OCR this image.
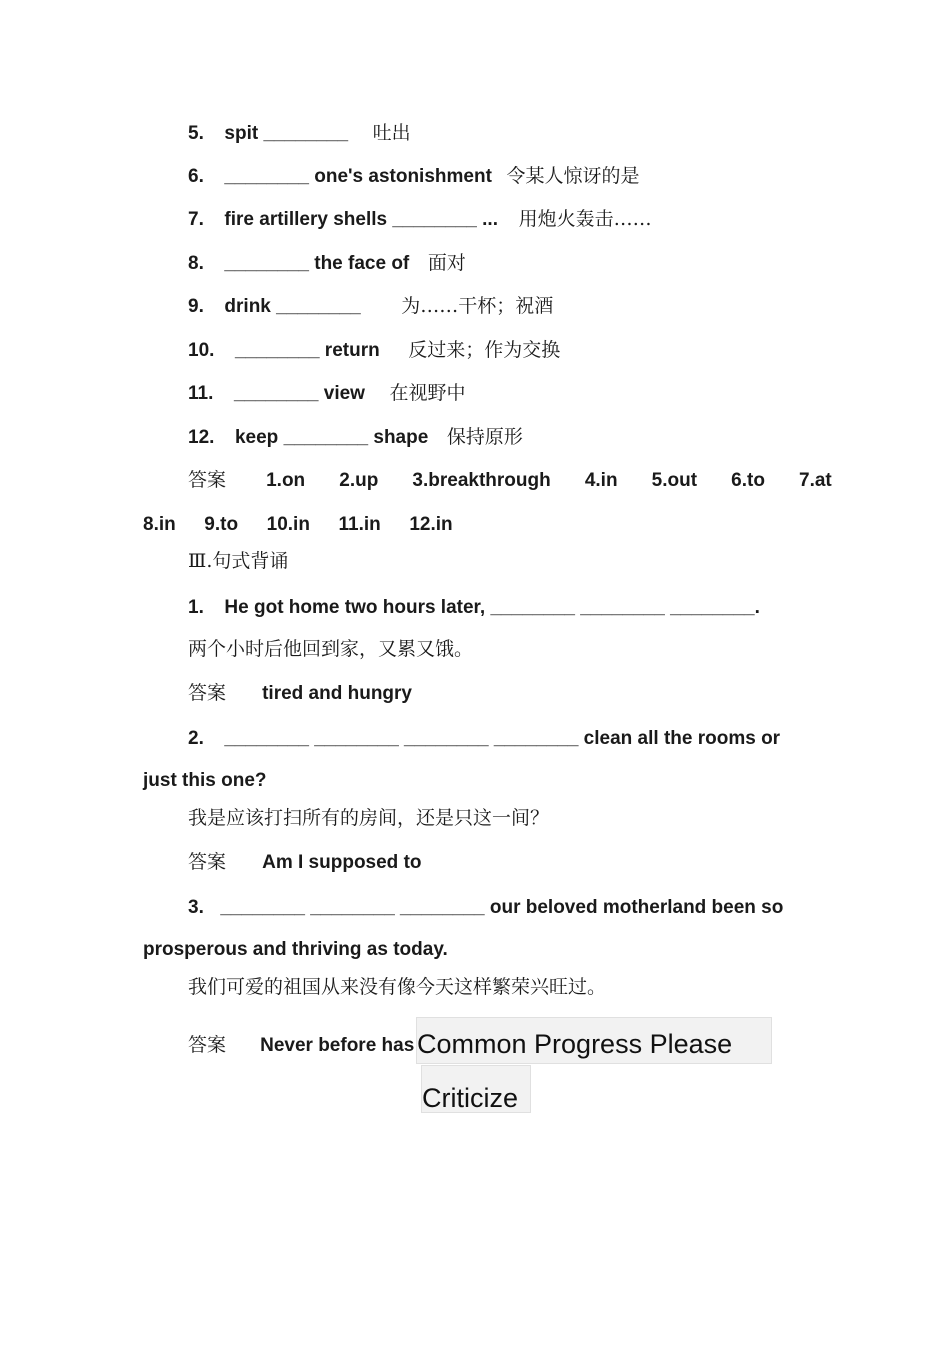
5. spit ________ 吐出
6. ________ one's astonishment 令某人惊讶的是
7. fire artillery shells ________ ... 用炮火轰击……
8. ________ the face of 面对
9. drink ________ 为……干杯；祝酒
10. ________ return 反过来；作为交换
11. ________ view 在视野中
12. keep ________ shape 保持原形
答案 1.on 2.up 3.breakthrough 4.in 5.out 6.to 7.at
8.in 9.to 10.in 11.in 12.in
Ⅲ.句式背诵
1. He got home two hours later, ________ ________ ________.
两个小时后他回到家，又累又饿。
答案 tired and hungry
2. ________ ________ ________ ________ clean all the rooms or
just this one?
我是应该打扫所有的房间，还是只这一间？
答案 Am I supposed to
3. ________ ________ ________ our beloved motherland been so
prosperous and thriving as today.
我们可爱的祖国从来没有像今天这样繁荣兴旺过。
答案 Never before has Common Progress Please
Criticize
